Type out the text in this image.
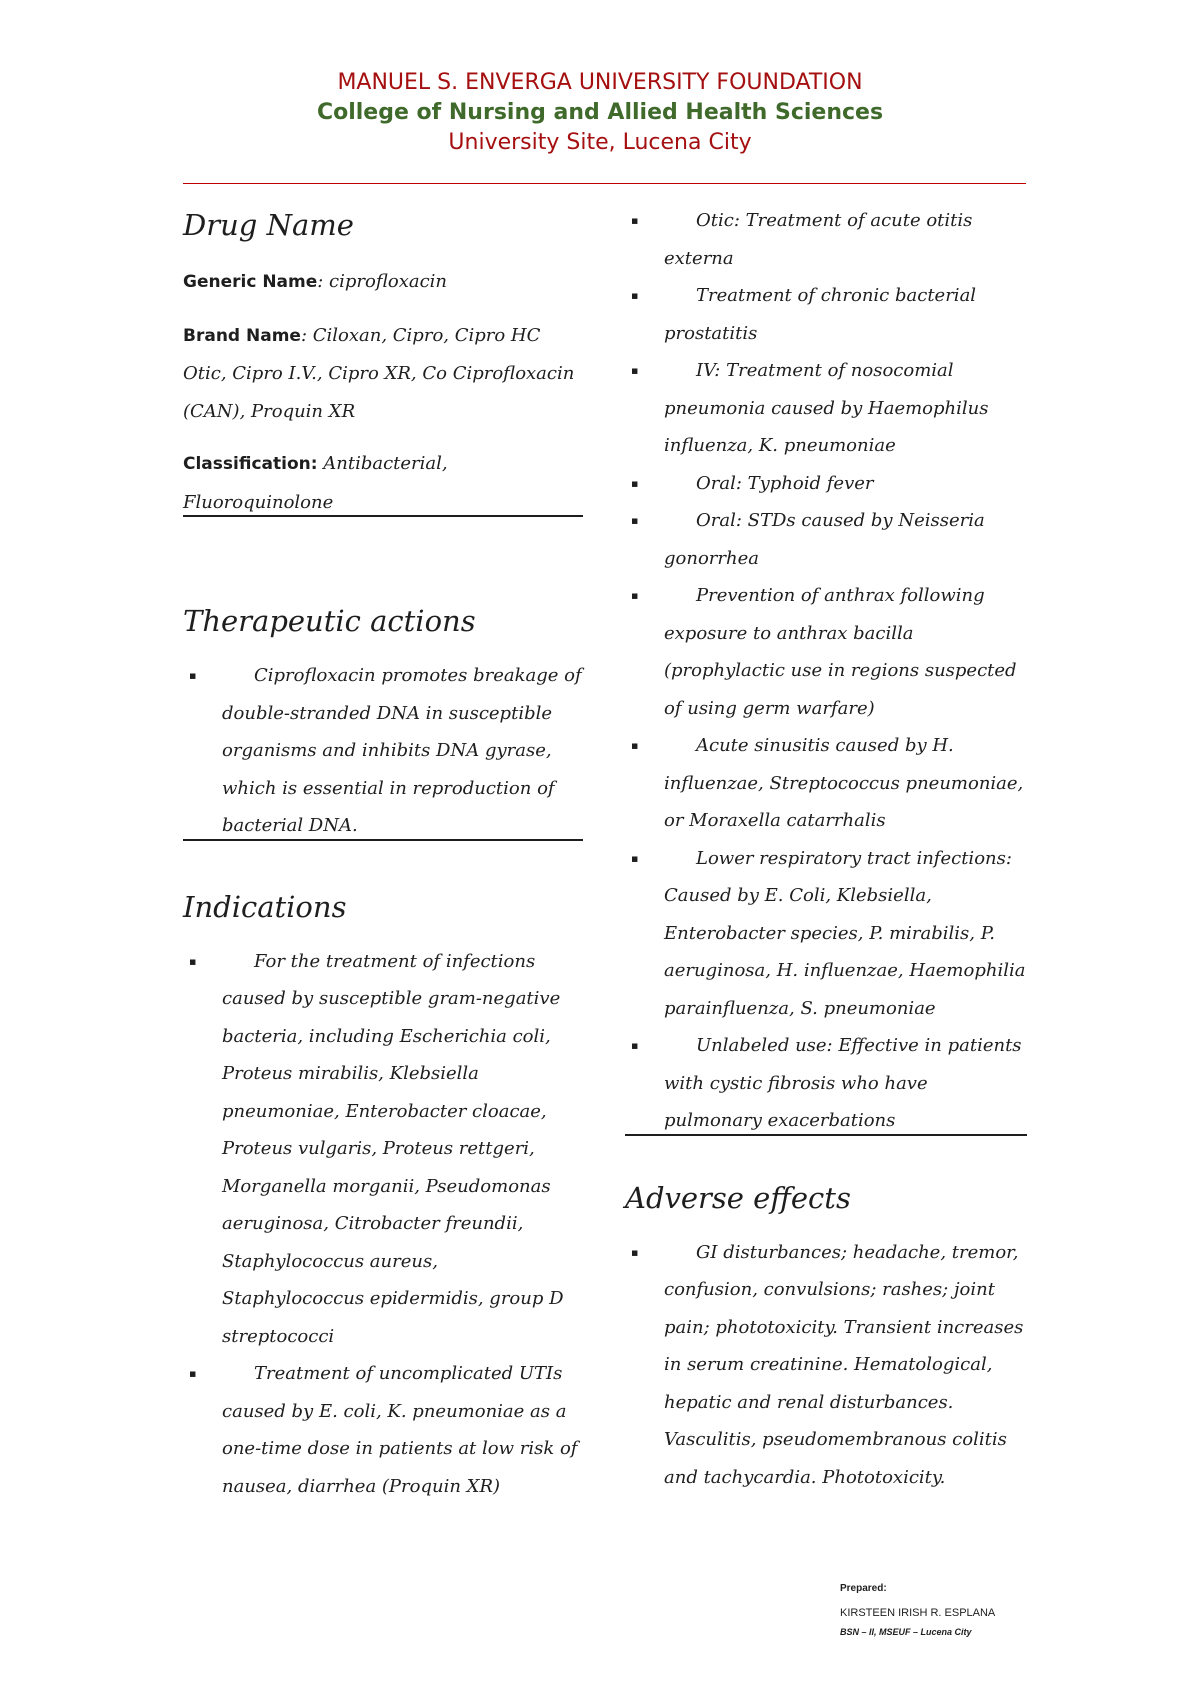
MANUEL S. ENVERGA UNIVERSITY FOUNDATION
College of Nursing and Allied Health Sciences
University Site, Lucena City
Drug Name

Generic Name: ciprofloxacin

Brand Name: Ciloxan, Cipro, Cipro HC Otic, Cipro I.V., Cipro XR, Co Ciprofloxacin (CAN), Proquin XR

Classification: Antibacterial, Fluoroquinolone

Therapeutic actions
▪	Ciprofloxacin promotes breakage of double-stranded DNA in susceptible organisms and inhibits DNA gyrase, which is essential in reproduction of bacterial DNA.
Indications
▪	For the treatment of infections caused by susceptible gram-negative bacteria, including Escherichia coli, Proteus mirabilis, Klebsiella pneumoniae, Enterobacter cloacae, Proteus vulgaris, Proteus rettgeri, Morganella morganii, Pseudomonas aeruginosa, Citrobacter freundii, Staphylococcus aureus, Staphylococcus epidermidis, group D streptococci
▪	Treatment of uncomplicated UTIs caused by E. coli, K. pneumoniae as a one-time dose in patients at low risk of nausea, diarrhea (Proquin XR)
▪	Otic: Treatment of acute otitis externa
▪	Treatment of chronic bacterial prostatitis
▪	IV: Treatment of nosocomial pneumonia caused by Haemophilus influenza, K. pneumoniae
▪	Oral: Typhoid fever
▪	Oral: STDs caused by Neisseria gonorrhea
▪	Prevention of anthrax following exposure to anthrax bacilla (prophylactic use in regions suspected of using germ warfare)
▪	Acute sinusitis caused by H. influenzae, Streptococcus pneumoniae, or Moraxella catarrhalis
▪	Lower respiratory tract infections: Caused by E. Coli, Klebsiella, Enterobacter species, P. mirabilis, P. aeruginosa, H. influenzae, Haemophilia parainfluenza, S. pneumoniae
▪	Unlabeled use: Effective in patients with cystic fibrosis who have pulmonary exacerbations
Adverse effects
▪	GI disturbances; headache, tremor, confusion, convulsions; rashes; joint pain; phototoxicity. Transient increases in serum creatinine. Hematological, hepatic and renal disturbances. Vasculitis, pseudomembranous colitis and tachycardia. Phototoxicity.
Prepared:
KIRSTEEN IRISH R. ESPLANA
BSN – II, MSEUF – Lucena City
